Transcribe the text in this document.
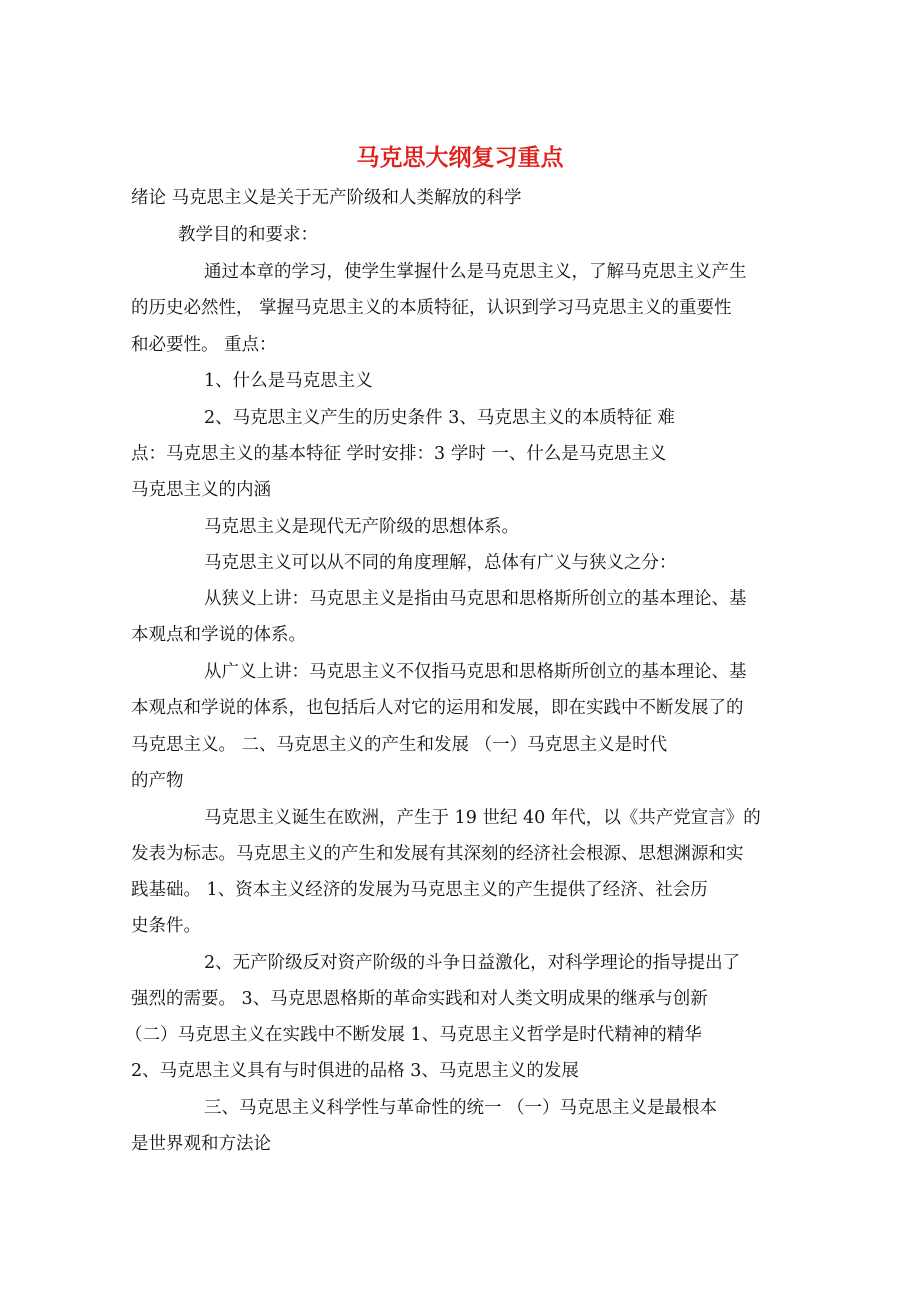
马克思大纲复习重点
绪论 马克思主义是关于无产阶级和人类解放的科学
教学目的和要求：
通过本章的学习，使学生掌握什么是马克思主义，了解马克思主义产生
的历史必然性， 掌握马克思主义的本质特征，认识到学习马克思主义的重要性
和必要性。 重点：
1、什么是马克思主义
2、马克思主义产生的历史条件 3、马克思主义的本质特征 难
点：马克思主义的基本特征 学时安排：3 学时 一、什么是马克思主义
马克思主义的内涵
马克思主义是现代无产阶级的思想体系。
马克思主义可以从不同的角度理解，总体有广义与狭义之分：
从狭义上讲：马克思主义是指由马克思和思格斯所创立的基本理论、基
本观点和学说的体系。
从广义上讲：马克思主义不仅指马克思和思格斯所创立的基本理论、基
本观点和学说的体系，也包括后人对它的运用和发展，即在实践中不断发展了的
马克思主义。 二、马克思主义的产生和发展 （一）马克思主义是时代
的产物
马克思主义诞生在欧洲，产生于 19 世纪 40 年代，以《共产党宣言》的
发表为标志。马克思主义的产生和发展有其深刻的经济社会根源、思想渊源和实
践基础。 1、资本主义经济的发展为马克思主义的产生提供了经济、社会历
史条件。
2、无产阶级反对资产阶级的斗争日益激化，对科学理论的指导提出了
强烈的需要。 3、马克思恩格斯的革命实践和对人类文明成果的继承与创新
（二）马克思主义在实践中不断发展 1、马克思主义哲学是时代精神的精华
2、马克思主义具有与时俱进的品格 3、马克思主义的发展
三、马克思主义科学性与革命性的统一 （一）马克思主义是最根本
是世界观和方法论
